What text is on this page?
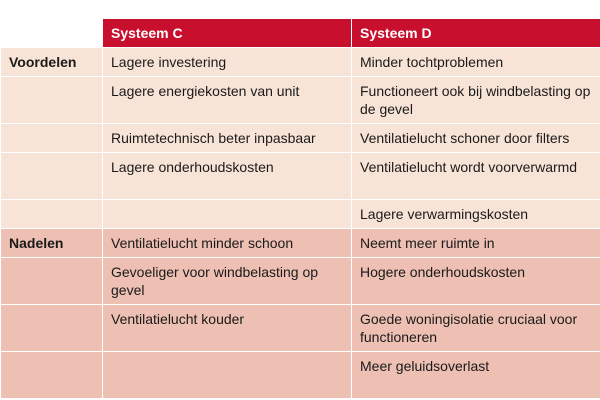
	Systeem C	Systeem D
Voordelen	Lagere investering	Minder tochtproblemen
	Lagere energiekosten van unit	Functioneert ook bij windbelasting op de gevel
	Ruimtetechnisch beter inpasbaar	Ventilatielucht schoner door filters
	Lagere onderhoudskosten	Ventilatielucht wordt voorverwarmd
		Lagere verwarmingskosten
Nadelen	Ventilatielucht minder schoon	Neemt meer ruimte in
	Gevoeliger voor windbelasting op gevel	Hogere onderhoudskosten
	Ventilatielucht kouder	Goede woningisolatie cruciaal voor functioneren
		Meer geluidsoverlast
